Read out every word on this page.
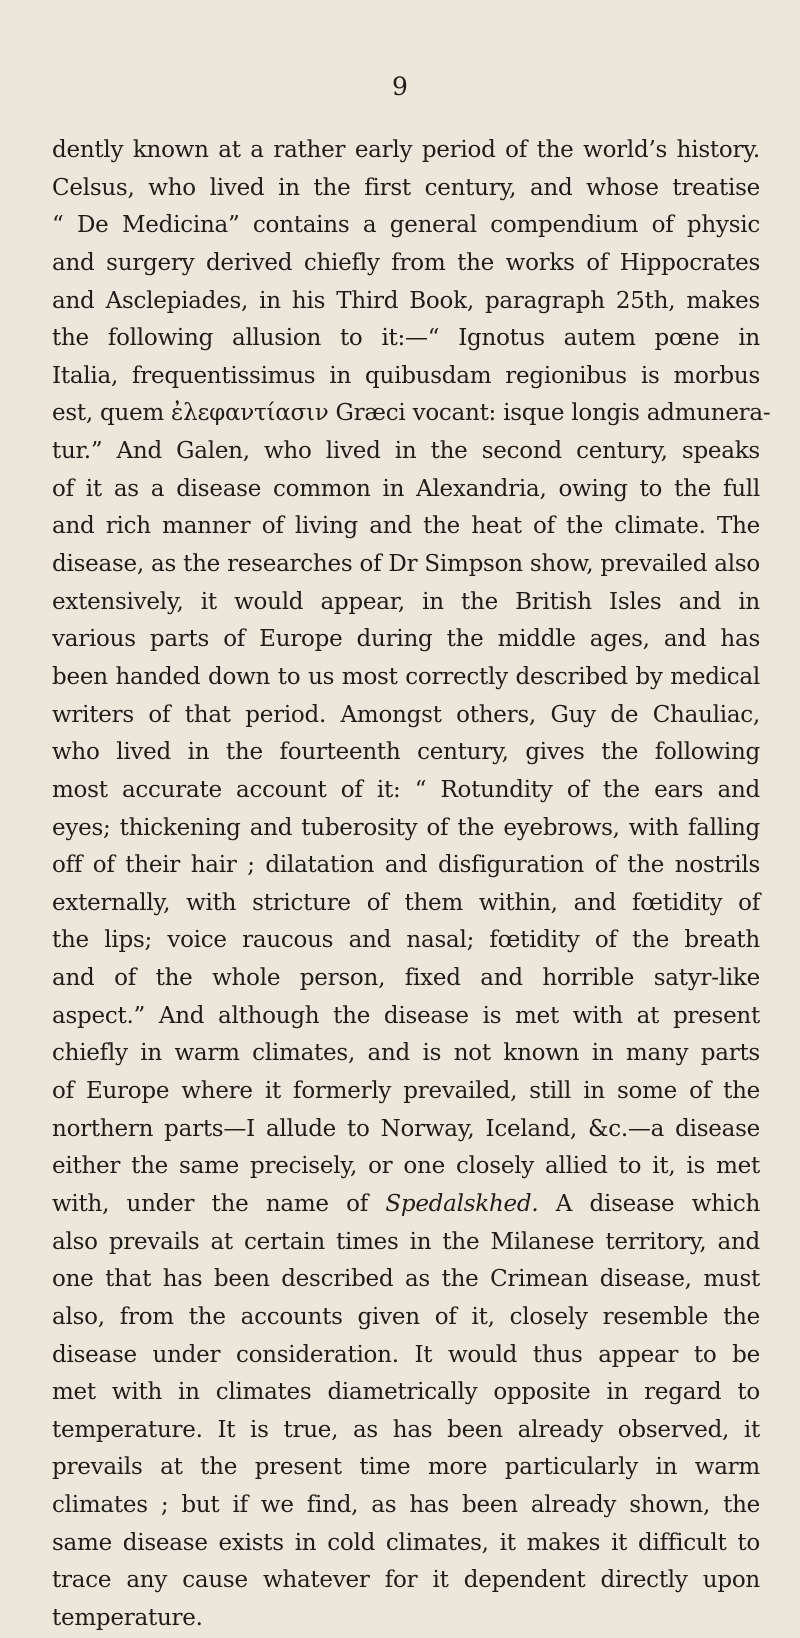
9
dently known at a rather early period of the world’s history.
Celsus, who lived in the first century, and whose treatise
“ De Medicina” contains a general compendium of physic
and surgery derived chiefly from the works of Hippocrates
and Asclepiades, in his Third Book, paragraph 25th, makes
the following allusion to it:—“ Ignotus autem pœne in
Italia, frequentissimus in quibusdam regionibus is morbus
est, quem ἐλεφαντίασιν Græci vocant: isque longis admunera-
tur.” And Galen, who lived in the second century, speaks
of it as a disease common in Alexandria, owing to the full
and rich manner of living and the heat of the climate. The
disease, as the researches of Dr Simpson show, prevailed also
extensively, it would appear, in the British Isles and in
various parts of Europe during the middle ages, and has
been handed down to us most correctly described by medical
writers of that period. Amongst others, Guy de Chauliac,
who lived in the fourteenth century, gives the following
most accurate account of it: “ Rotundity of the ears and
eyes; thickening and tuberosity of the eyebrows, with falling
off of their hair ; dilatation and disfiguration of the nostrils
externally, with stricture of them within, and fœtidity of
the lips; voice raucous and nasal; fœtidity of the breath
and of the whole person, fixed and horrible satyr-like
aspect.” And although the disease is met with at present
chiefly in warm climates, and is not known in many parts
of Europe where it formerly prevailed, still in some of the
northern parts—I allude to Norway, Iceland, &c.—a disease
either the same precisely, or one closely allied to it, is met
with, under the name of Spedalskhed. A disease which
also prevails at certain times in the Milanese territory, and
one that has been described as the Crimean disease, must
also, from the accounts given of it, closely resemble the
disease under consideration. It would thus appear to be
met with in climates diametrically opposite in regard to
temperature. It is true, as has been already observed, it
prevails at the present time more particularly in warm
climates ; but if we find, as has been already shown, the
same disease exists in cold climates, it makes it difficult to
trace any cause whatever for it dependent directly upon
temperature.
